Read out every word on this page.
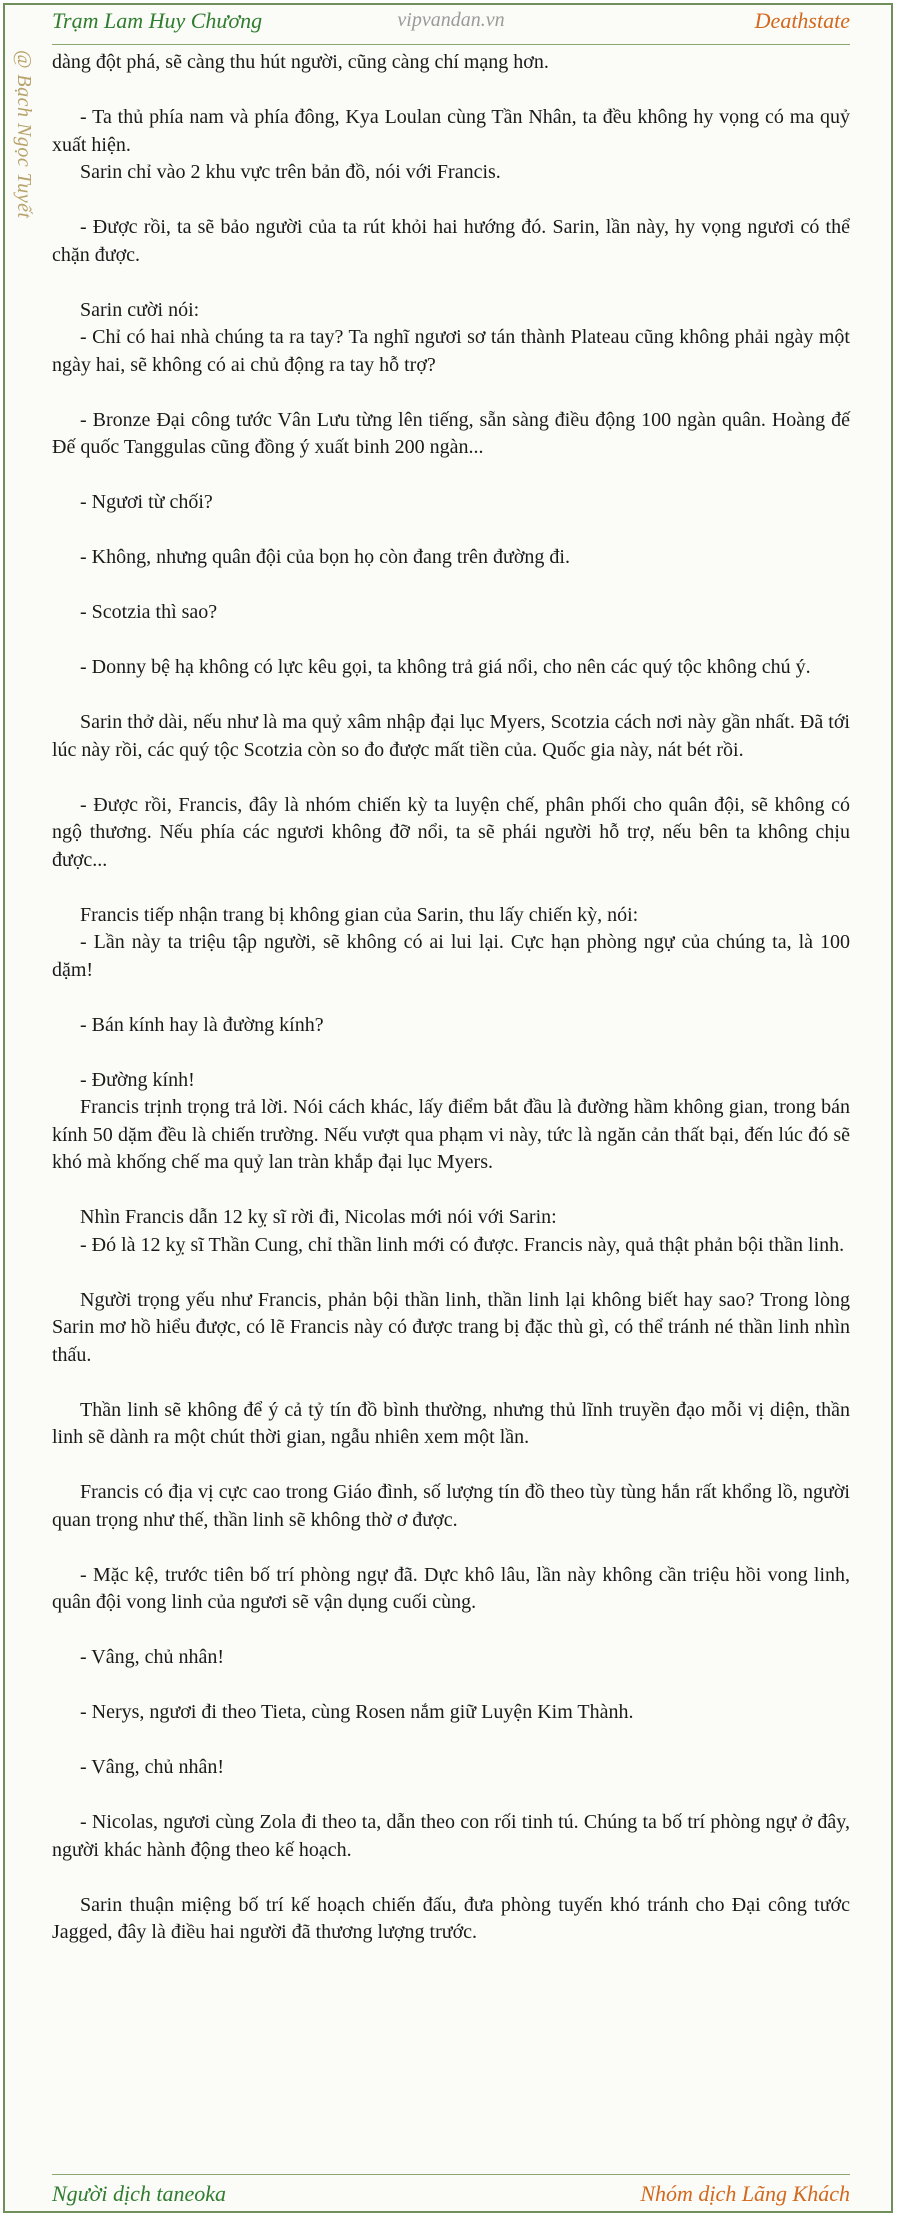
Trạm Lam Huy Chương	vipvandan.vn	Deathstate
@ Bạch Ngọc Tuyết dàng đột phá, sẽ càng thu hút người, cũng càng chí mạng hơn.

- Ta thủ phía nam và phía đông, Kya Loulan cùng Tần Nhân, ta đều không hy vọng có ma quỷ xuất hiện.

Sarin chỉ vào 2 khu vực trên bản đồ, nói với Francis.

- Được rồi, ta sẽ bảo người của ta rút khỏi hai hướng đó. Sarin, lần này, hy vọng ngươi có thể chặn được.

Sarin cười nói:

- Chỉ có hai nhà chúng ta ra tay? Ta nghĩ ngươi sơ tán thành Plateau cũng không phải ngày một ngày hai, sẽ không có ai chủ động ra tay hỗ trợ?

- Bronze Đại công tước Vân Lưu từng lên tiếng, sẵn sàng điều động 100 ngàn quân. Hoàng đế Đế quốc Tanggulas cũng đồng ý xuất binh 200 ngàn...

- Ngươi từ chối?

- Không, nhưng quân đội của bọn họ còn đang trên đường đi.

- Scotzia thì sao?

- Donny bệ hạ không có lực kêu gọi, ta không trả giá nổi, cho nên các quý tộc không chú ý.

Sarin thở dài, nếu như là ma quỷ xâm nhập đại lục Myers, Scotzia cách nơi này gần nhất. Đã tới lúc này rồi, các quý tộc Scotzia còn so đo được mất tiền của. Quốc gia này, nát bét rồi.

- Được rồi, Francis, đây là nhóm chiến kỳ ta luyện chế, phân phối cho quân đội, sẽ không có ngộ thương. Nếu phía các ngươi không đỡ nổi, ta sẽ phái người hỗ trợ, nếu bên ta không chịu được...

Francis tiếp nhận trang bị không gian của Sarin, thu lấy chiến kỳ, nói:

- Lần này ta triệu tập người, sẽ không có ai lui lại. Cực hạn phòng ngự của chúng ta, là 100 dặm!

- Bán kính hay là đường kính?

- Đường kính!

Francis trịnh trọng trả lời. Nói cách khác, lấy điểm bắt đầu là đường hầm không gian, trong bán kính 50 dặm đều là chiến trường. Nếu vượt qua phạm vi này, tức là ngăn cản thất bại, đến lúc đó sẽ khó mà khống chế ma quỷ lan tràn khắp đại lục Myers.

Nhìn Francis dẫn 12 kỵ sĩ rời đi, Nicolas mới nói với Sarin:

- Đó là 12 kỵ sĩ Thần Cung, chỉ thần linh mới có được. Francis này, quả thật phản bội thần linh.

Người trọng yếu như Francis, phản bội thần linh, thần linh lại không biết hay sao? Trong lòng Sarin mơ hồ hiểu được, có lẽ Francis này có được trang bị đặc thù gì, có thể tránh né thần linh nhìn thấu.

Thần linh sẽ không để ý cả tỷ tín đồ bình thường, nhưng thủ lĩnh truyền đạo mỗi vị diện, thần linh sẽ dành ra một chút thời gian, ngẫu nhiên xem một lần.

Francis có địa vị cực cao trong Giáo đình, số lượng tín đồ theo tùy tùng hắn rất khổng lồ, người quan trọng như thế, thần linh sẽ không thờ ơ được.

- Mặc kệ, trước tiên bố trí phòng ngự đã. Dực khô lâu, lần này không cần triệu hồi vong linh, quân đội vong linh của ngươi sẽ vận dụng cuối cùng.

- Vâng, chủ nhân!

- Nerys, ngươi đi theo Tieta, cùng Rosen nắm giữ Luyện Kim Thành.

- Vâng, chủ nhân!

- Nicolas, ngươi cùng Zola đi theo ta, dẫn theo con rối tinh tú. Chúng ta bố trí phòng ngự ở đây, người khác hành động theo kế hoạch.

Sarin thuận miệng bố trí kế hoạch chiến đấu, đưa phòng tuyến khó tránh cho Đại công tước Jagged, đây là điều hai người đã thương lượng trước.

Người dịch taneoka	Nhóm dịch Lãng Khách
